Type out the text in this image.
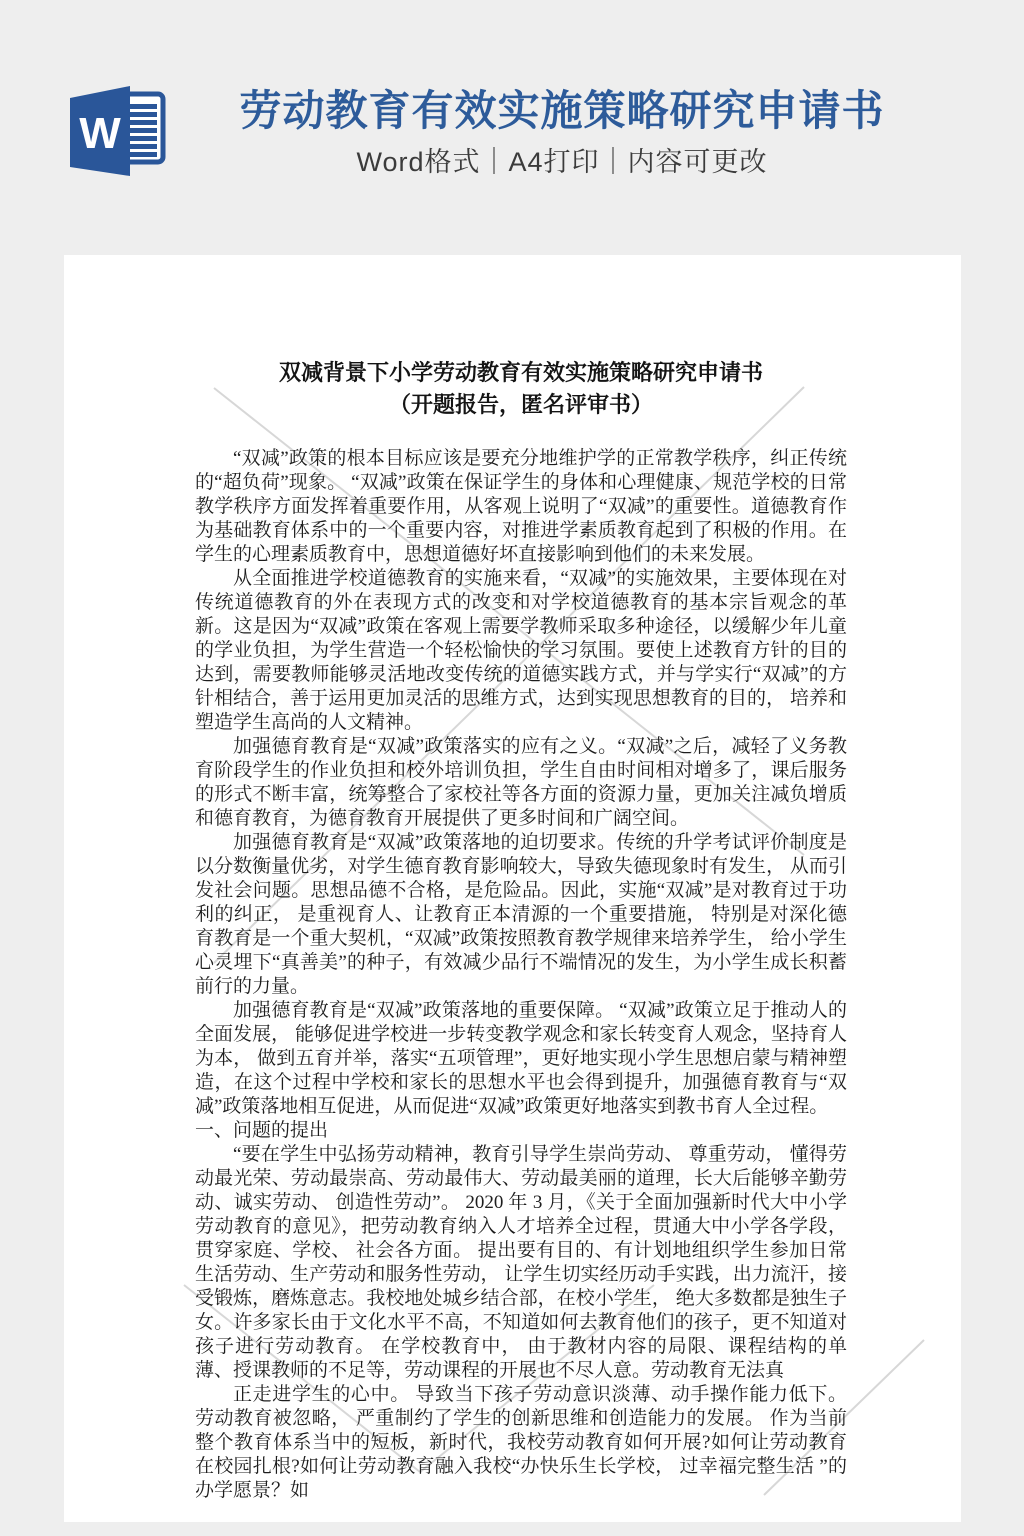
W	劳动教育有效实施策略研究申请书

Word格式｜A4打印｜内容可更改

双减背景下小学劳动教育有效实施策略研究申请书
（开题报告，匿名评审书）

“双减”政策的根本目标应该是要充分地维护学的正常教学秩序，纠正传统的“超负荷”现象。 “双减”政策在保证学生的身体和心理健康、规范学校的日常教学秩序方面发挥着重要作用，从客观上说明了“双减”的重要性。道德教育作为基础教育体系中的一个重要内容，对推进学素质教育起到了积极的作用。在学生的心理素质教育中，思想道德好坏直接影响到他们的未来发展。

从全面推进学校道德教育的实施来看，“双减”的实施效果，主要体现在对传统道德教育的外在表现方式的改变和对学校道德教育的基本宗旨观念的革新。这是因为“双减”政策在客观上需要学教师采取多种途径，以缓解少年儿童的学业负担，为学生营造一个轻松愉快的学习氛围。要使上述教育方针的目的达到，需要教师能够灵活地改变传统的道德实践方式，并与学实行“双减”的方针相结合，善于运用更加灵活的思维方式，达到实现思想教育的目的， 培养和塑造学生高尚的人文精神。

加强德育教育是“双减”政策落实的应有之义。“双减”之后，减轻了义务教育阶段学生的作业负担和校外培训负担，学生自由时间相对增多了，课后服务的形式不断丰富，统筹整合了家校社等各方面的资源力量，更加关注减负增质和德育教育，为德育教育开展提供了更多时间和广阔空间。

加强德育教育是“双减”政策落地的迫切要求。传统的升学考试评价制度是以分数衡量优劣，对学生德育教育影响较大，导致失德现象时有发生， 从而引发社会问题。思想品德不合格，是危险品。因此，实施“双减”是对教育过于功利的纠正， 是重视育人、让教育正本清源的一个重要措施， 特别是对深化德育教育是一个重大契机，“双减”政策按照教育教学规律来培养学生， 给小学生心灵埋下“真善美”的种子，有效减少品行不端情况的发生，为小学生成长积蓄前行的力量。

加强德育教育是“双减”政策落地的重要保障。 “双减”政策立足于推动人的全面发展， 能够促进学校进一步转变教学观念和家长转变育人观念，坚持育人为本， 做到五育并举，落实“五项管理”，更好地实现小学生思想启蒙与精神塑造，在这个过程中学校和家长的思想水平也会得到提升，加强德育教育与“双减”政策落地相互促进，从而促进“双减”政策更好地落实到教书育人全过程。

一、问题的提出

“要在学生中弘扬劳动精神，教育引导学生崇尚劳动、 尊重劳动， 懂得劳动最光荣、劳动最崇高、劳动最伟大、劳动最美丽的道理，长大后能够辛勤劳动、诚实劳动、 创造性劳动”。 2020 年 3 月，《关于全面加强新时代大中小学劳动教育的意见》，把劳动教育纳入人才培养全过程，贯通大中小学各学段，贯穿家庭、学校、 社会各方面。 提出要有目的、有计划地组织学生参加日常生活劳动、生产劳动和服务性劳动， 让学生切实经历动手实践，出力流汗，接受锻炼，磨炼意志。我校地处城乡结合部，在校小学生， 绝大多数都是独生子女。许多家长由于文化水平不高，不知道如何去教育他们的孩子，更不知道对孩子进行劳动教育。 在学校教育中， 由于教材内容的局限、课程结构的单薄、授课教师的不足等，劳动课程的开展也不尽人意。劳动教育无法真

正走进学生的心中。 导致当下孩子劳动意识淡薄、动手操作能力低下。 劳动教育被忽略， 严重制约了学生的创新思维和创造能力的发展。 作为当前整个教育体系当中的短板，新时代，我校劳动教育如何开展?如何让劳动教育在校园扎根?如何让劳动教育融入我校“办快乐生长学校， 过幸福完整生活 ”的办学愿景？如
